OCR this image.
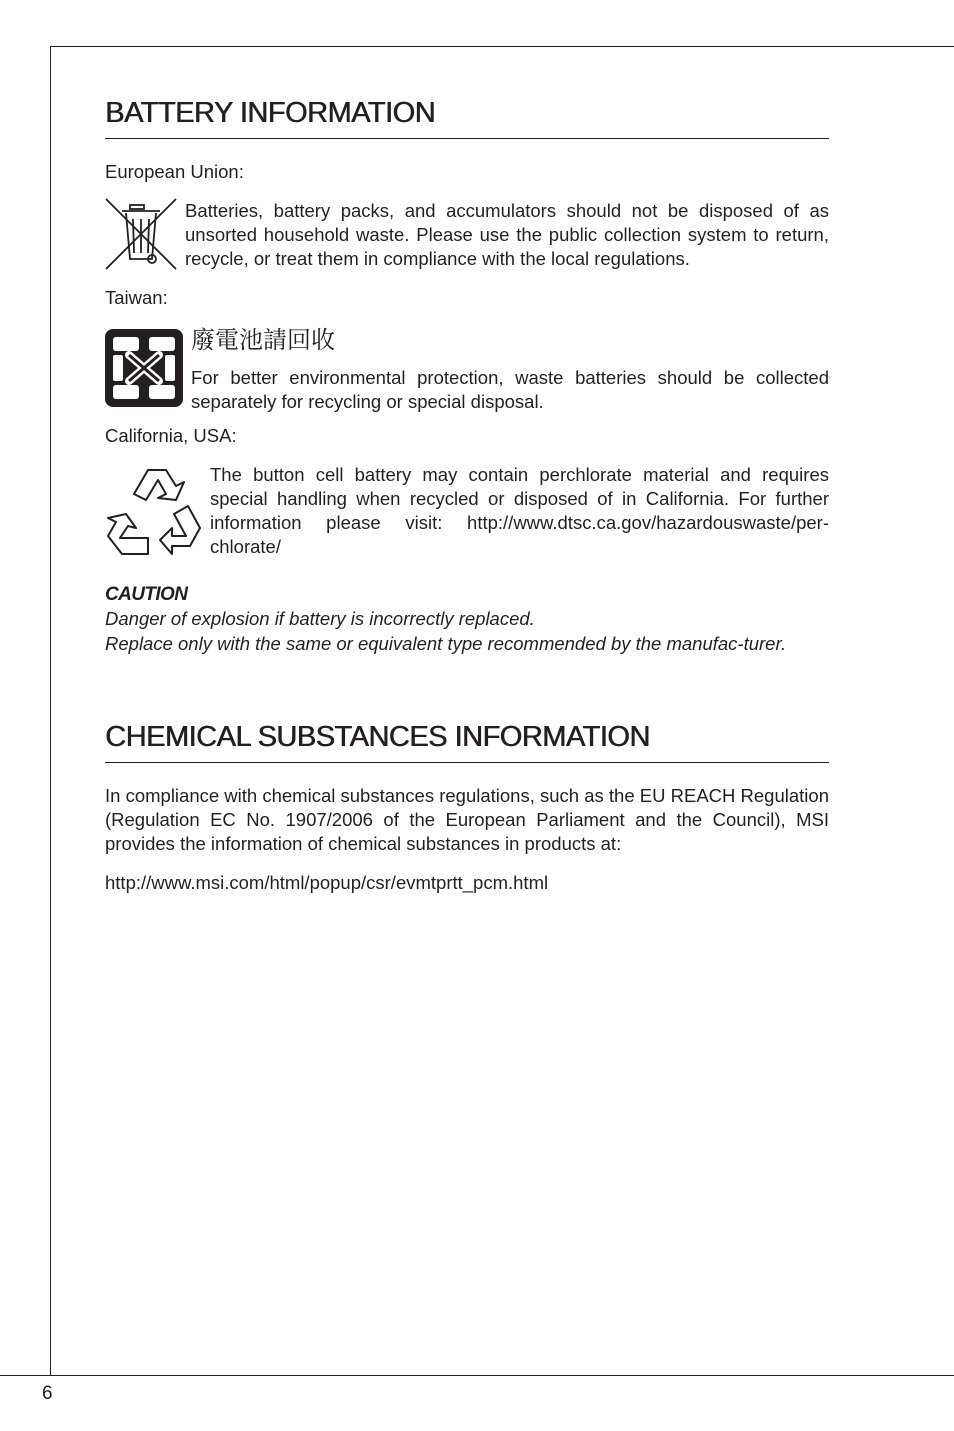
BATTERY INFORMATION
European Union:
Batteries, battery packs, and accumulators should not be disposed of as unsorted household waste. Please use the public collection system to return, recycle, or treat them in compliance with the local regulations.
Taiwan:
廢電池請回收
For better environmental protection, waste batteries should be collected separately for recycling or special disposal.
California, USA:
The button cell battery may contain perchlorate material and requires special handling when recycled or disposed of in California. For further information please visit: http://www.dtsc.ca.gov/hazardouswaste/per-chlorate/
CAUTION
Danger of explosion if battery is incorrectly replaced.
Replace only with the same or equivalent type recommended by the manufac-turer.
CHEMICAL SUBSTANCES INFORMATION
In compliance with chemical substances regulations, such as the EU REACH Regulation (Regulation EC No. 1907/2006 of the European Parliament and the Council), MSI provides the information of chemical substances in products at:
http://www.msi.com/html/popup/csr/evmtprtt_pcm.html
6
